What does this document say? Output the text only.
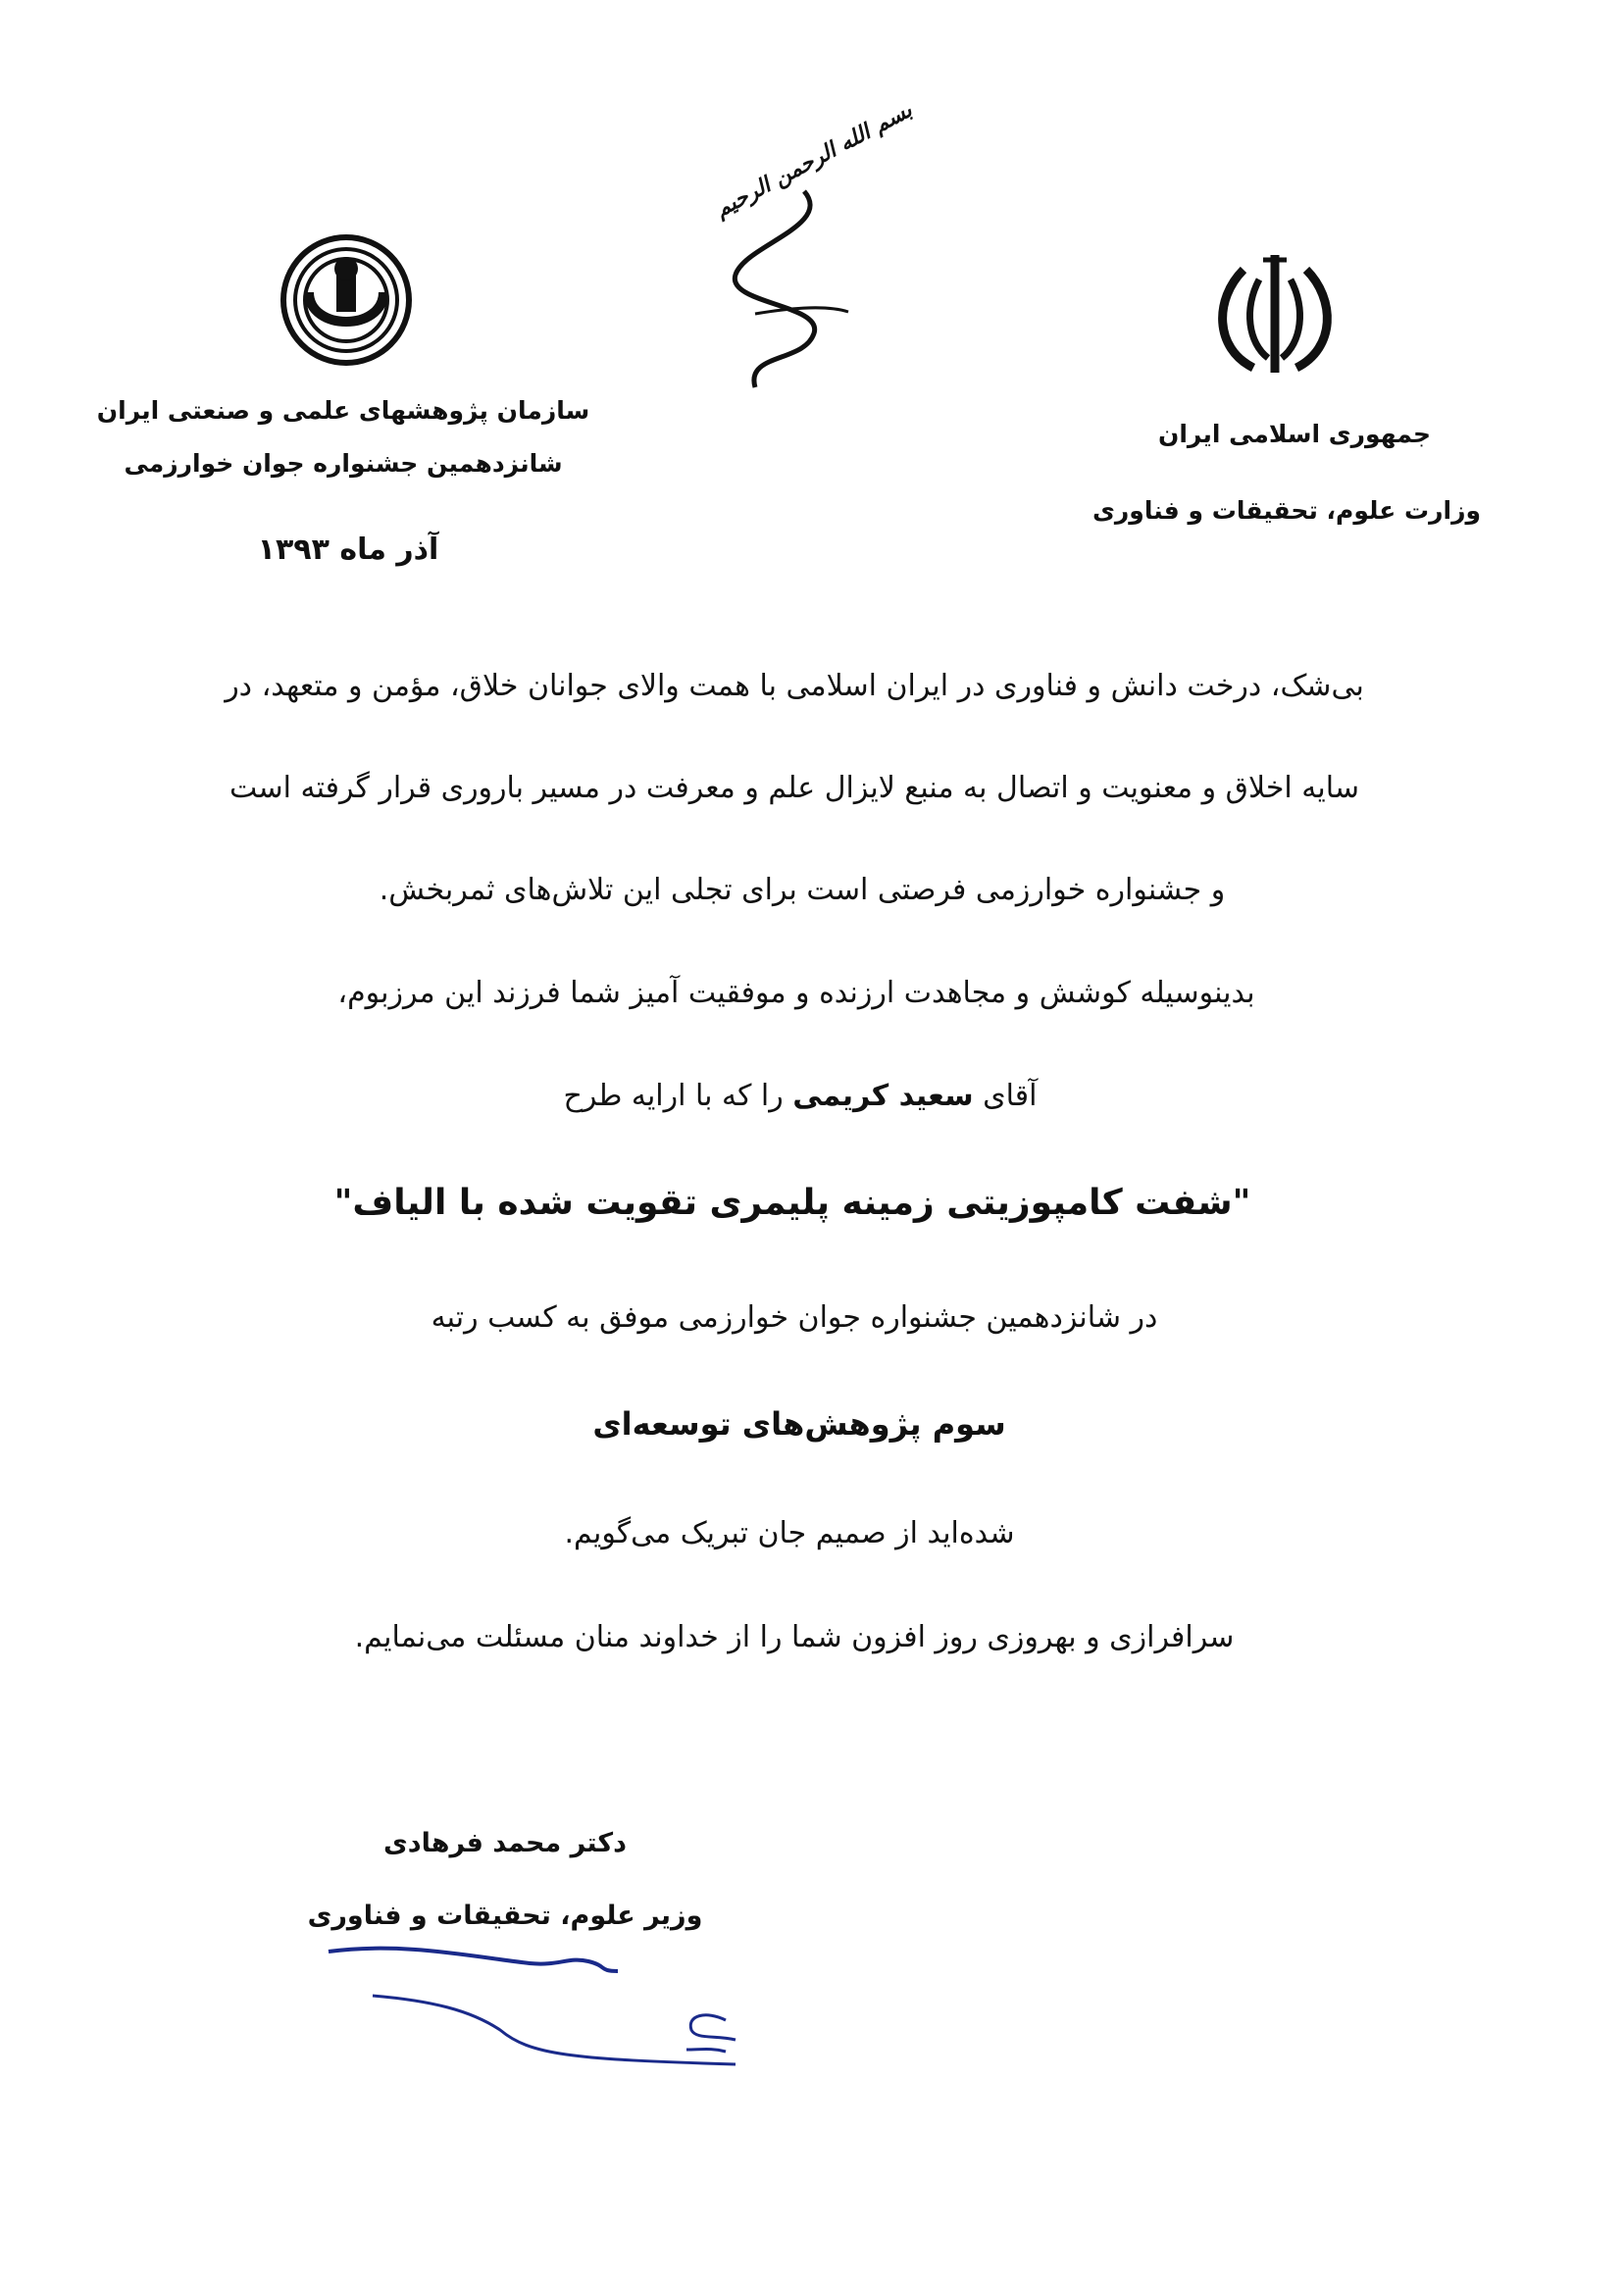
بسم الله الرحمن الرحیم
جمهوری اسلامی ایران
وزارت علوم، تحقیقات و فناوری
سازمان پژوهشهای علمی و صنعتی ایران
شانزدهمین جشنواره جوان خوارزمی
آذر ماه ۱۳۹۳
بی‌شک، درخت دانش و فناوری در ایران اسلامی با همت والای جوانان خلاق، مؤمن و متعهد، در
سایه اخلاق و معنویت و اتصال به منبع لایزال علم و معرفت در مسیر باروری قرار گرفته است
و جشنواره خوارزمی فرصتی است برای تجلی این تلاش‌های ثمربخش.
بدینوسیله کوشش و مجاهدت ارزنده و موفقیت آمیز شما فرزند این مرزبوم،
آقای سعید کریمی را که با ارایه طرح
"شفت کامپوزیتی زمینه پلیمری تقویت شده با الیاف"
در شانزدهمین جشنواره جوان خوارزمی موفق به کسب رتبه
سوم پژوهش‌های توسعه‌ای
شده‌اید از صمیم جان تبریک می‌گویم.
سرافرازی و بهروزی روز افزون شما را از خداوند منان مسئلت می‌نمایم.
دکتر محمد فرهادی
وزیر علوم، تحقیقات و فناوری
